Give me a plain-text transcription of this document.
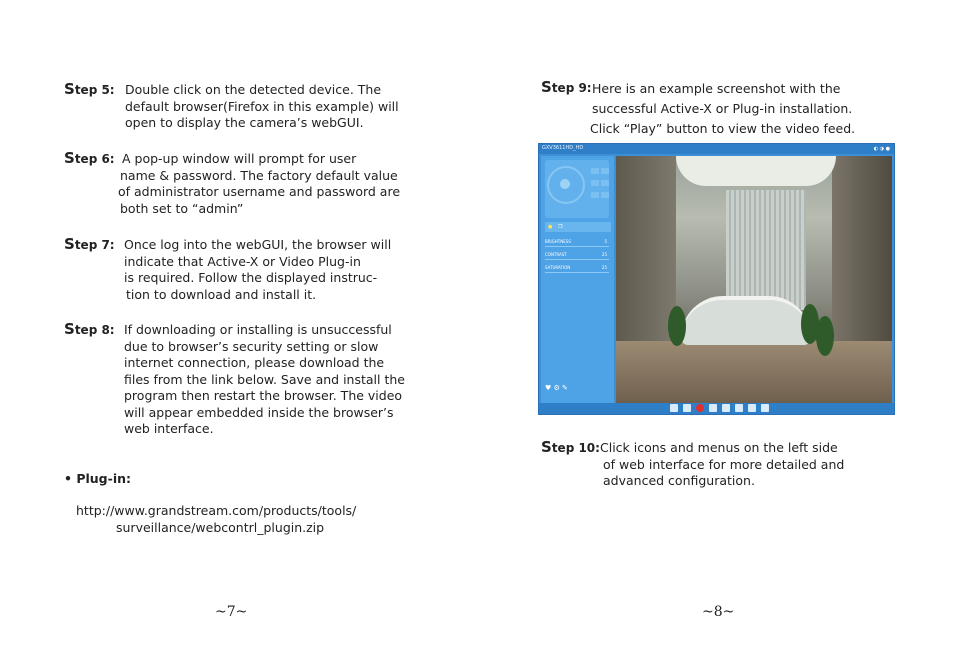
Step 5: Double click on the detected device. The
default browser(Firefox in this example) will
open to display the camera’s webGUI.
Step 6: A pop-up window will prompt for user
name & password. The factory default value
of administrator username and password are
both set to “admin”
Step 7: Once log into the webGUI, the browser will
indicate that Active-X or Video Plug-in
is required. Follow the displayed instruc-
tion to download and install it.
Step 8: If downloading or installing is unsuccessful
due to browser’s security setting or slow
internet connection, please download the
files from the link below. Save and install the
program then restart the browser. The video
will appear embedded inside the browser’s
web interface.
• Plug-in:
http://www.grandstream.com/products/tools/
surveillance/webcontrl_plugin.zip
~7~
Step 9: Here is an example screenshot with the
successful Active-X or Plug-in installation.
Click “Play” button to view the video feed.
GXV3611HD_HD	◐ ◑ ●
● ❐
BRIGHTNESS	5
CONTRAST	25
SATURATION	25
♥ ⚙ ✎
Step 10: Click icons and menus on the left side
of web interface for more detailed and
advanced configuration.
~8~
